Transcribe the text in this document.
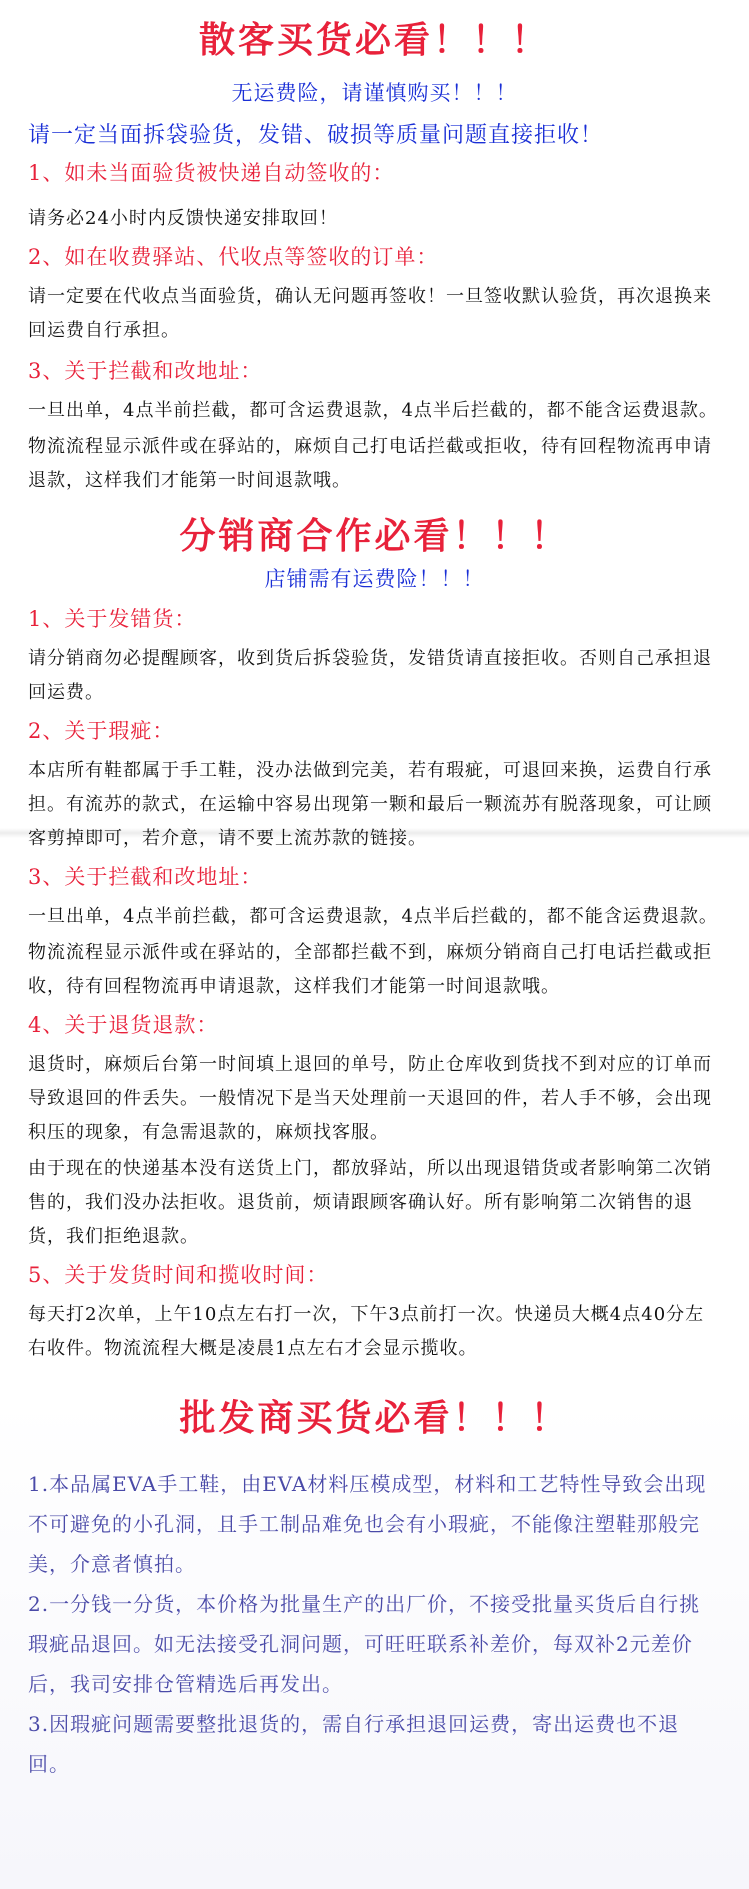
散客买货必看！！！

无运费险，请谨慎购买！！！

请一定当面拆袋验货，发错、破损等质量问题直接拒收！

1、如未当面验货被快递自动签收的：

请务必24小时内反馈快递安排取回！

2、如在收费驿站、代收点等签收的订单：

请一定要在代收点当面验货，确认无问题再签收！一旦签收默认验货，再次退换来回运费自行承担。

3、关于拦截和改地址：

一旦出单，4点半前拦截，都可含运费退款，4点半后拦截的，都不能含运费退款。

物流流程显示派件或在驿站的，麻烦自己打电话拦截或拒收，待有回程物流再申请退款，这样我们才能第一时间退款哦。

分销商合作必看！！！

店铺需有运费险！！！

1、关于发错货：

请分销商勿必提醒顾客，收到货后拆袋验货，发错货请直接拒收。否则自己承担退回运费。

2、关于瑕疵：

本店所有鞋都属于手工鞋，没办法做到完美，若有瑕疵，可退回来换，运费自行承担。有流苏的款式，在运输中容易出现第一颗和最后一颗流苏有脱落现象，可让顾客剪掉即可，若介意，请不要上流苏款的链接。

3、关于拦截和改地址：

一旦出单，4点半前拦截，都可含运费退款，4点半后拦截的，都不能含运费退款。

物流流程显示派件或在驿站的，全部都拦截不到，麻烦分销商自己打电话拦截或拒收，待有回程物流再申请退款，这样我们才能第一时间退款哦。

4、关于退货退款：

退货时，麻烦后台第一时间填上退回的单号，防止仓库收到货找不到对应的订单而导致退回的件丢失。一般情况下是当天处理前一天退回的件，若人手不够，会出现积压的现象，有急需退款的，麻烦找客服。

由于现在的快递基本没有送货上门，都放驿站，所以出现退错货或者影响第二次销售的，我们没办法拒收。退货前，烦请跟顾客确认好。所有影响第二次销售的退货，我们拒绝退款。

5、关于发货时间和揽收时间：

每天打2次单，上午10点左右打一次，下午3点前打一次。快递员大概4点40分左右收件。物流流程大概是凌晨1点左右才会显示揽收。

批发商买货必看！！！

1.本品属EVA手工鞋，由EVA材料压模成型，材料和工艺特性导致会出现不可避免的小孔洞，且手工制品难免也会有小瑕疵，不能像注塑鞋那般完美，介意者慎拍。

2.一分钱一分货，本价格为批量生产的出厂价，不接受批量买货后自行挑瑕疵品退回。如无法接受孔洞问题，可旺旺联系补差价，每双补2元差价后，我司安排仓管精选后再发出。

3.因瑕疵问题需要整批退货的，需自行承担退回运费，寄出运费也不退回。
